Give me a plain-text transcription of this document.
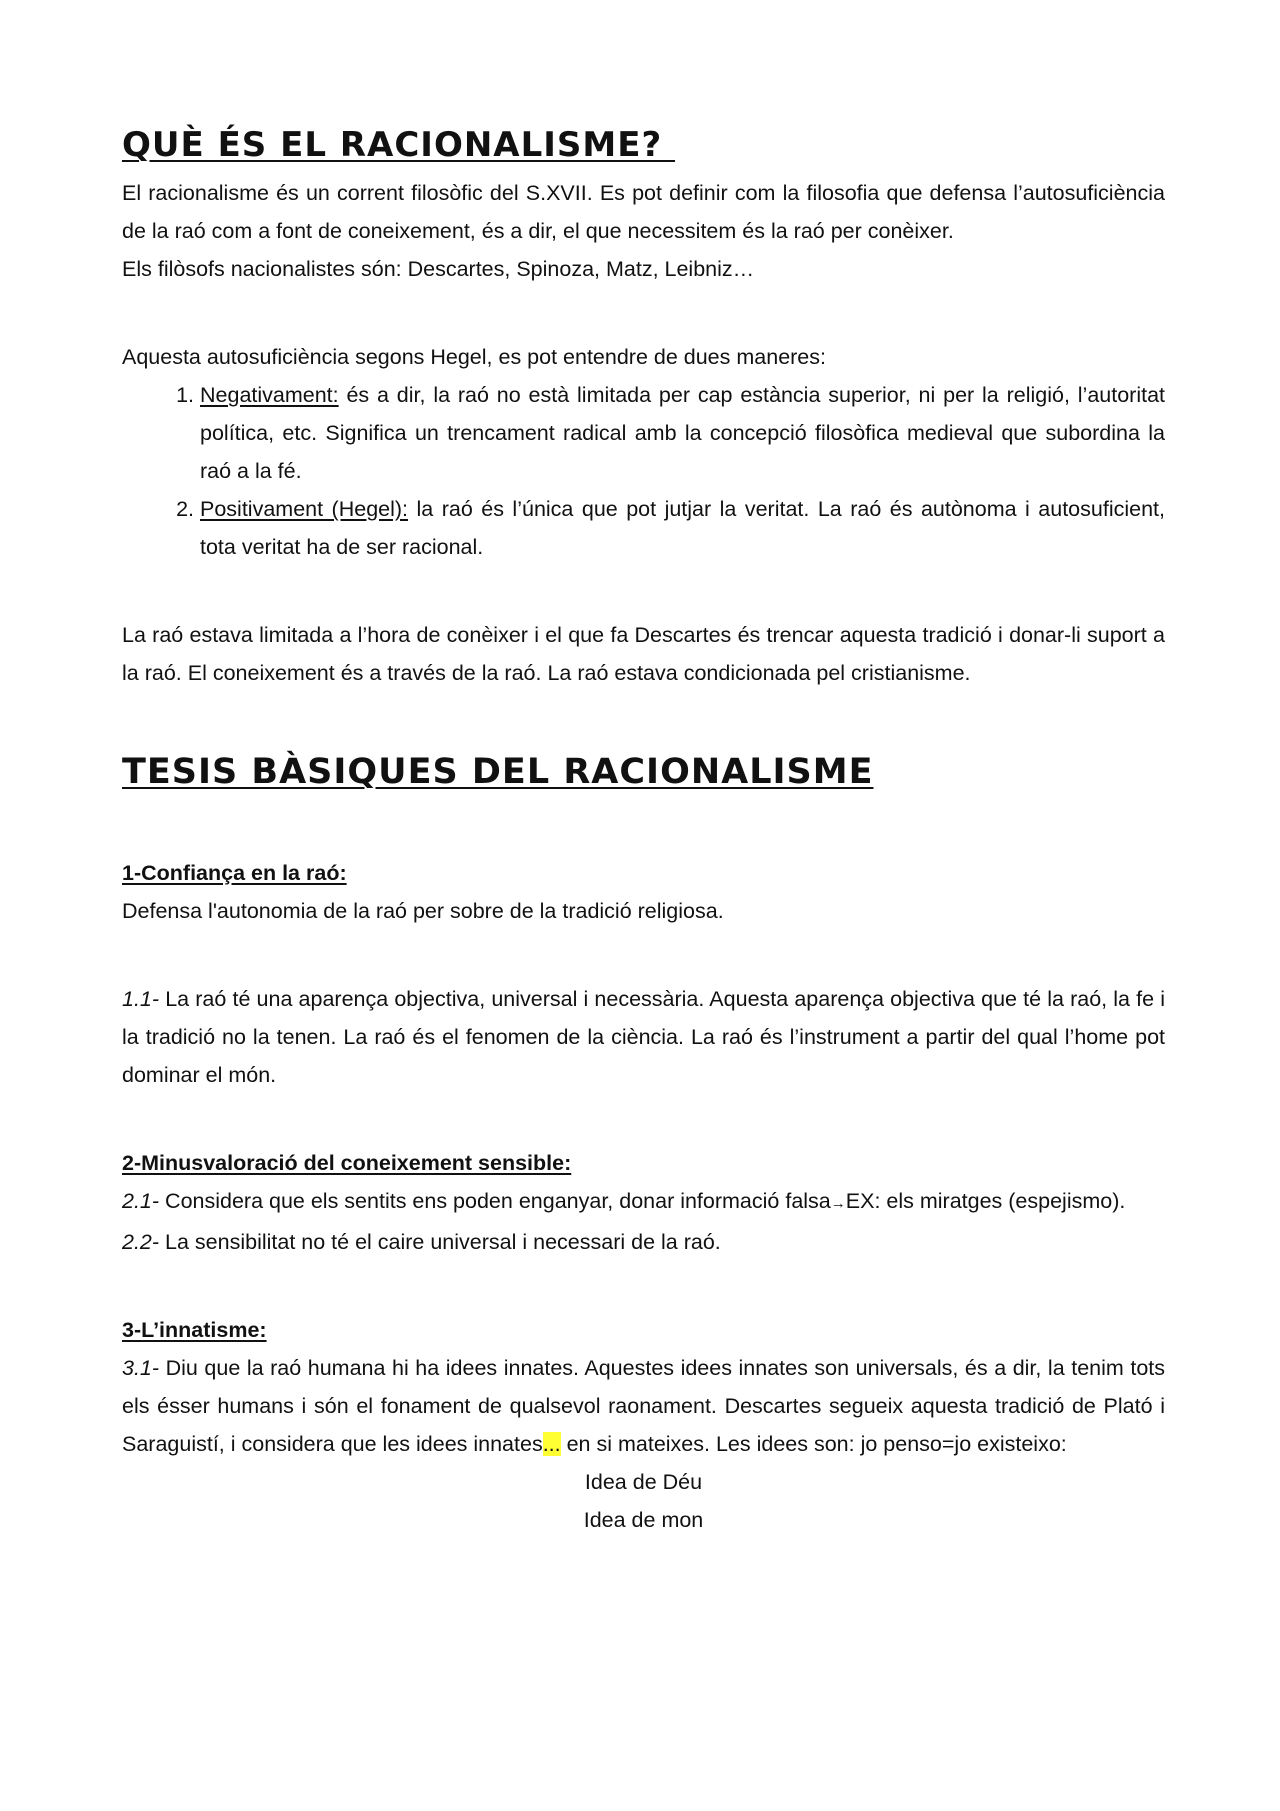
QUÈ ÉS EL RACIONALISME?

El racionalisme és un corrent filosòfic del S.XVII. Es pot definir com la filosofia que defensa l’autosuficiència de la raó com a font de coneixement, és a dir, el que necessitem és la raó per conèixer.

Els filòsofs nacionalistes són: Descartes, Spinoza, Matz, Leibniz…

Aquesta autosuficiència segons Hegel, es pot entendre de dues maneres:

1. Negativament: és a dir, la raó no està limitada per cap estància superior, ni per la religió, l’autoritat política, etc. Significa un trencament radical amb la concepció filosòfica medieval que subordina la raó a la fé.
2. Positivament (Hegel): la raó és l’única que pot jutjar la veritat. La raó és autònoma i autosuficient, tota veritat ha de ser racional.

La raó estava limitada a l’hora de conèixer i el que fa Descartes és trencar aquesta tradició i donar-li suport a la raó. El coneixement és a través de la raó. La raó estava condicionada pel cristianisme.

TESIS BÀSIQUES DEL RACIONALISME

1-Confiança en la raó:

Defensa l'autonomia de la raó per sobre de la tradició religiosa.

1.1- La raó té una aparença objectiva, universal i necessària. Aquesta aparença objectiva que té la raó, la fe i la tradició no la tenen. La raó és el fenomen de la ciència. La raó és l’instrument a partir del qual l’home pot dominar el món.

2-Minusvaloració del coneixement sensible:

2.1- Considera que els sentits ens poden enganyar, donar informació falsa→EX: els miratges (espejismo).

2.2- La sensibilitat no té el caire universal i necessari de la raó.

3-L’innatisme:

3.1- Diu que la raó humana hi ha idees innates. Aquestes idees innates son universals, és a dir, la tenim tots els ésser humans i són el fonament de qualsevol raonament. Descartes segueix aquesta tradició de Plató i Saraguistí, i considera que les idees innates... en si mateixes. Les idees son: jo penso=jo existeixo:

Idea de Déu

Idea de mon
